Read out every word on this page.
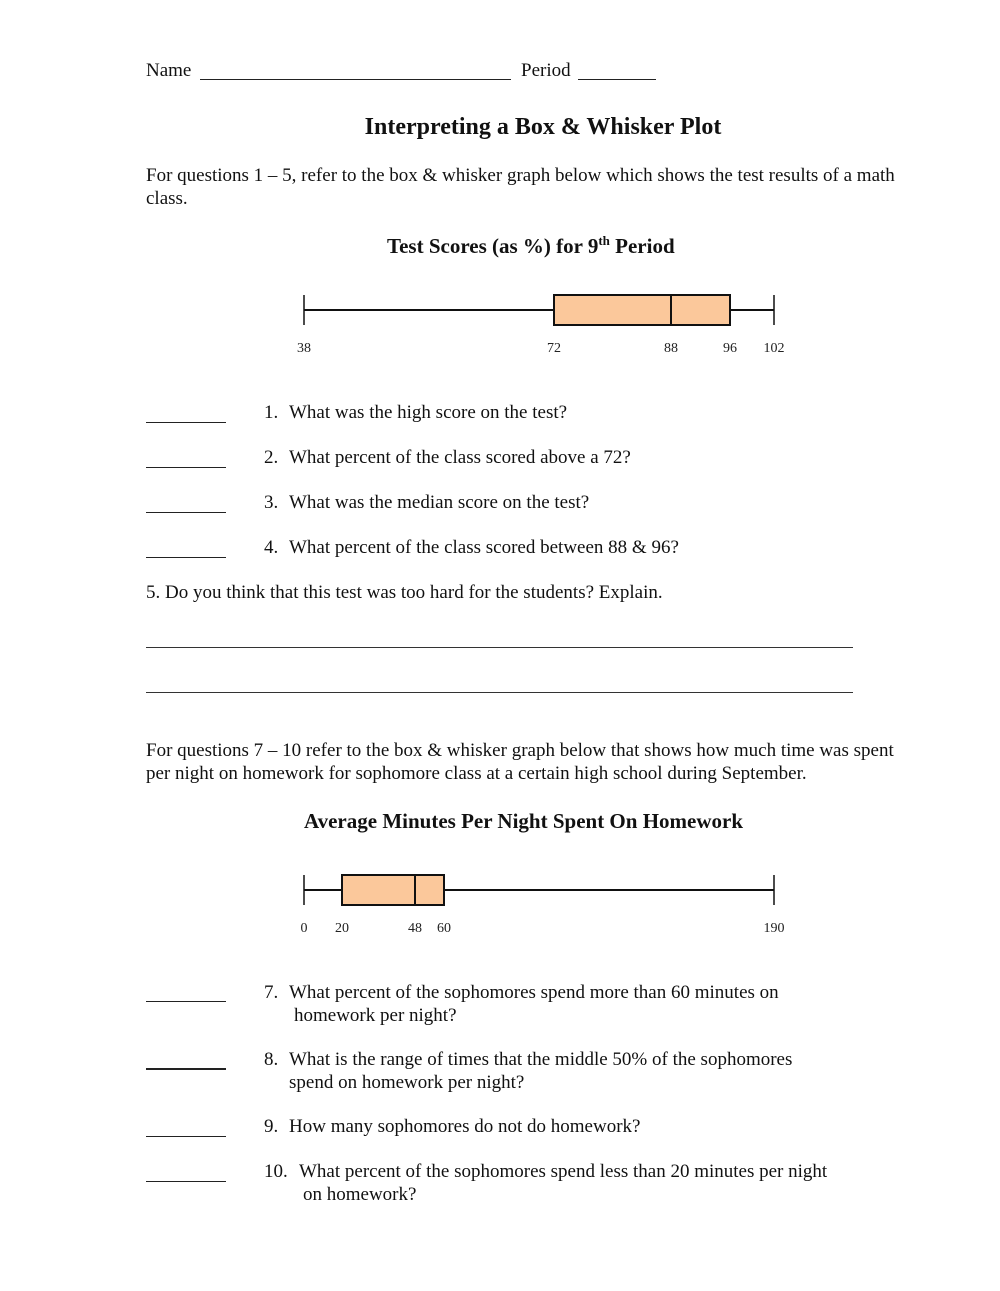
Name	Period
Interpreting a Box & Whisker Plot
For questions 1 – 5, refer to the box & whisker graph below which shows the test results of a math
class.
Test Scores (as %) for 9th Period
38	72	88	96 102
1. What was the high score on the test?
2. What percent of the class scored above a 72?
3. What was the median score on the test?
4. What percent of the class scored between 88 & 96?
5. Do you think that this test was too hard for the students? Explain.
For questions 7 – 10 refer to the box & whisker graph below that shows how much time was spent
per night on homework for sophomore class at a certain high school during September.
Average Minutes Per Night Spent On Homework
0 20	48 60	190
7. What percent of the sophomores spend more than 60 minutes on
homework per night?
8. What is the range of times that the middle 50% of the sophomores
spend on homework per night?
9. How many sophomores do not do homework?
10. What percent of the sophomores spend less than 20 minutes per night
on homework?
